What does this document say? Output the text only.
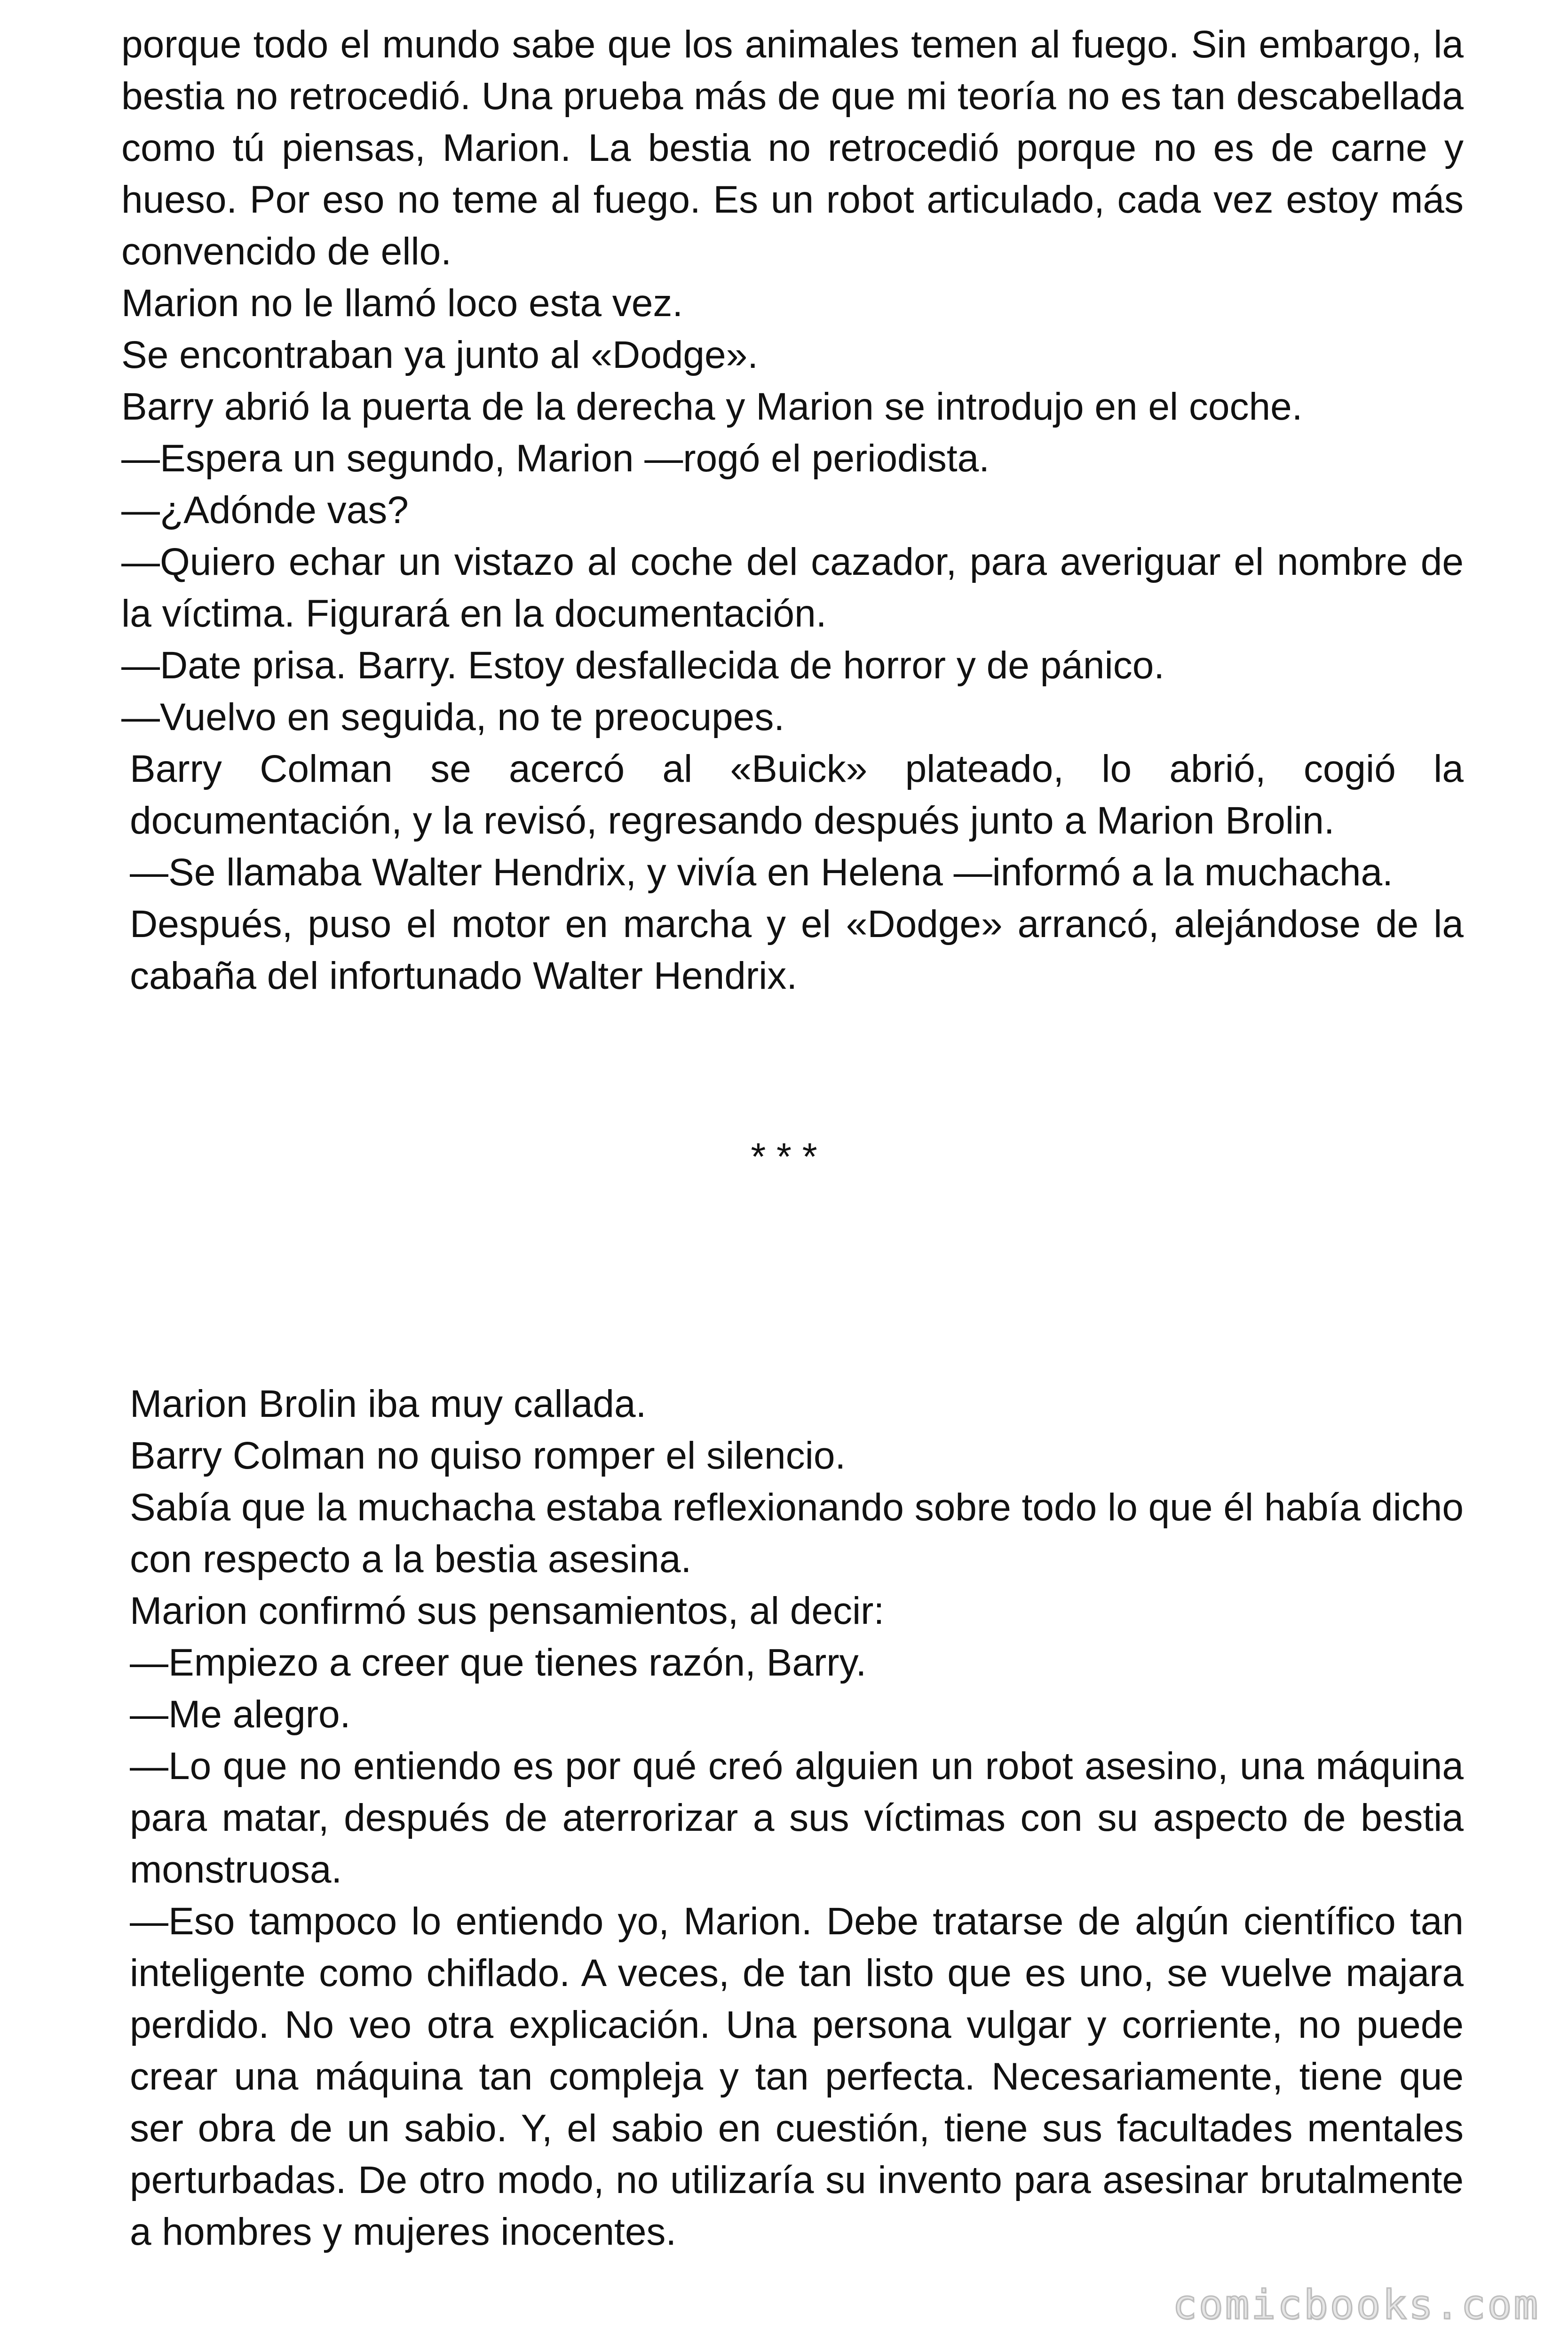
porque todo el mundo sabe que los animales temen al fuego. Sin embargo, la bestia no retrocedió. Una prueba más de que mi teoría no es tan descabellada como tú piensas, Marion. La bestia no retrocedió porque no es de carne y hueso. Por eso no teme al fuego. Es un robot articulado, cada vez estoy más convencido de ello.

Marion no le llamó loco esta vez.

Se encontraban ya junto al «Dodge».

Barry abrió la puerta de la derecha y Marion se introdujo en el coche.

—Espera un segundo, Marion —rogó el periodista.

—¿Adónde vas?

—Quiero echar un vistazo al coche del cazador, para averiguar el nombre de la víctima. Figurará en la documentación.

—Date prisa. Barry. Estoy desfallecida de horror y de pánico.

—Vuelvo en seguida, no te preocupes.

Barry Colman se acercó al «Buick» plateado, lo abrió, cogió la documentación, y la revisó, regresando después junto a Marion Brolin.

—Se llamaba Walter Hendrix, y vivía en Helena —informó a la muchacha.

Después, puso el motor en marcha y el «Dodge» arrancó, alejándose de la cabaña del infortunado Walter Hendrix.

* * *

Marion Brolin iba muy callada.

Barry Colman no quiso romper el silencio.

Sabía que la muchacha estaba reflexionando sobre todo lo que él había dicho con respecto a la bestia asesina.

Marion confirmó sus pensamientos, al decir:

—Empiezo a creer que tienes razón, Barry.

—Me alegro.

—Lo que no entiendo es por qué creó alguien un robot asesino, una máquina para matar, después de aterrorizar a sus víctimas con su aspecto de bestia monstruosa.

—Eso tampoco lo entiendo yo, Marion. Debe tratarse de algún científico tan inteligente como chiflado. A veces, de tan listo que es uno, se vuelve majara perdido. No veo otra explicación. Una persona vulgar y corriente, no puede crear una máquina tan compleja y tan perfecta. Necesariamente, tiene que ser obra de un sabio. Y, el sabio en cuestión, tiene sus facultades mentales perturbadas. De otro modo, no utilizaría su invento para asesinar brutalmente a hombres y mujeres inocentes.

comicbooks.com
